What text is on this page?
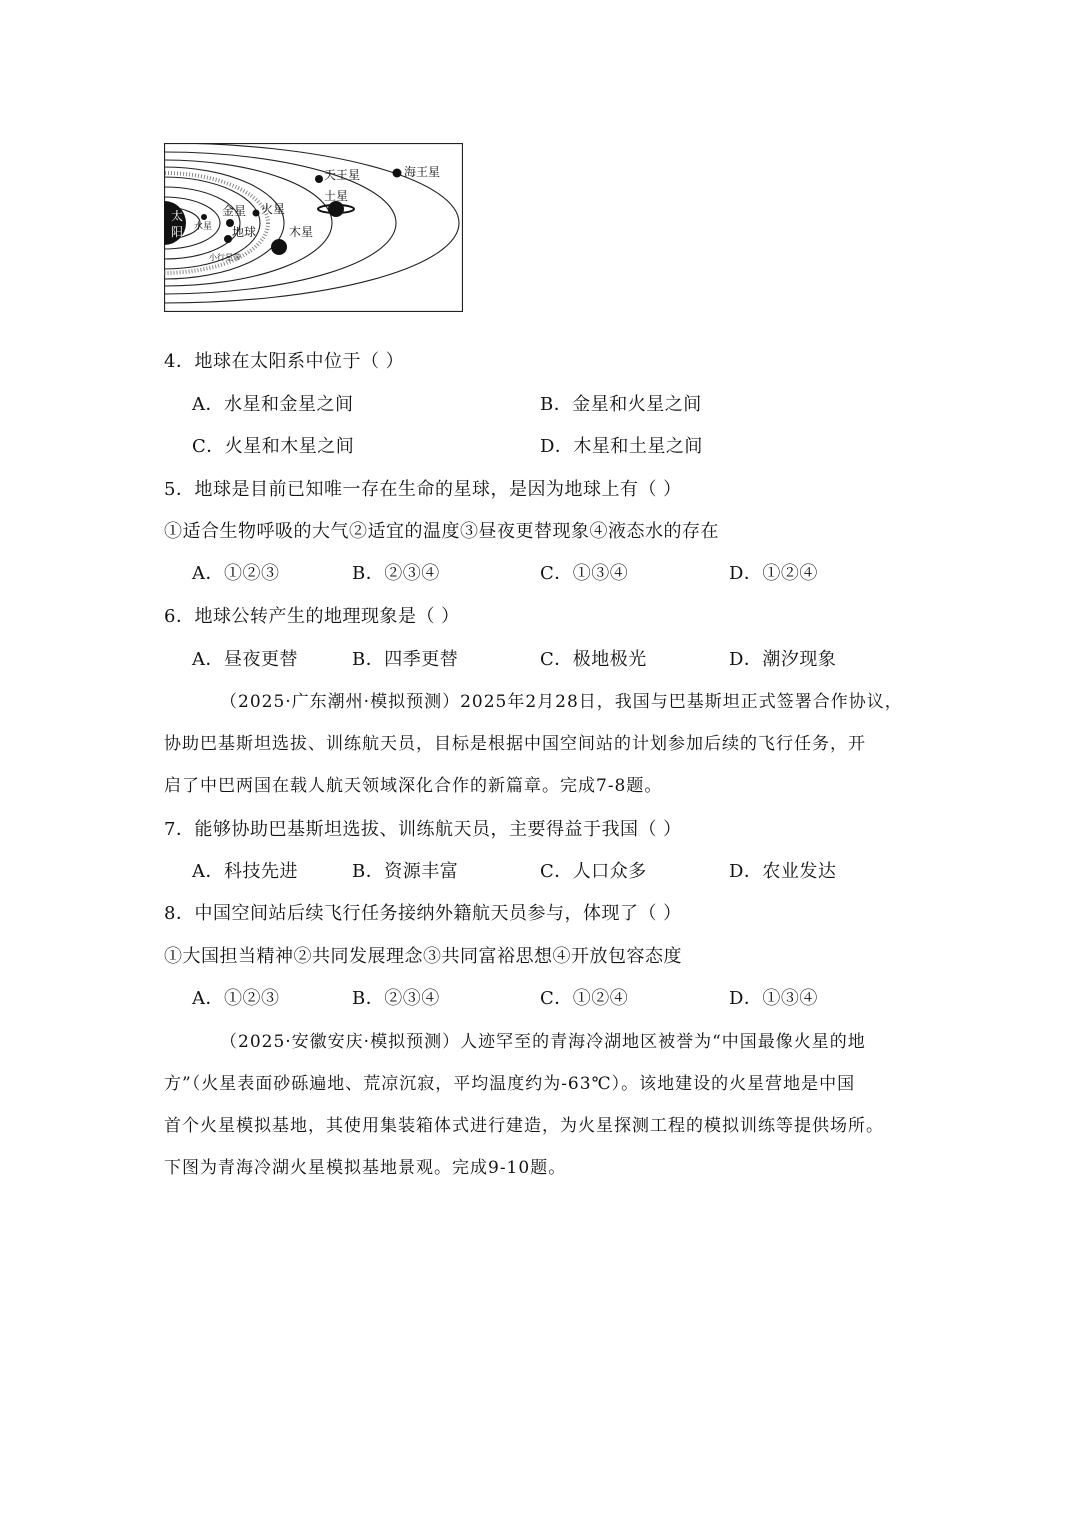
太
阳 水星
金星
地球
火星
木星
土星
天王星	海王星
小行星带
4．地球在太阳系中位于（ ）
A．水星和金星之间	B．金星和火星之间
C．火星和木星之间	D．木星和土星之间
5．地球是目前已知唯一存在生命的星球，是因为地球上有（ ）
①适合生物呼吸的大气②适宜的温度③昼夜更替现象④液态水的存在
A．①②③	B．②③④	C．①③④	D．①②④
6．地球公转产生的地理现象是（ ）
A．昼夜更替	B．四季更替	C．极地极光	D．潮汐现象
（2025·广东潮州·模拟预测）2025年2月28日，我国与巴基斯坦正式签署合作协议，
协助巴基斯坦选拔、训练航天员，目标是根据中国空间站的计划参加后续的飞行任务，开
启了中巴两国在载人航天领域深化合作的新篇章。完成7-8题。
7．能够协助巴基斯坦选拔、训练航天员，主要得益于我国（ ）
A．科技先进	B．资源丰富	C．人口众多	D．农业发达
8．中国空间站后续飞行任务接纳外籍航天员参与，体现了（ ）
①大国担当精神②共同发展理念③共同富裕思想④开放包容态度
A．①②③	B．②③④	C．①②④	D．①③④
（2025·安徽安庆·模拟预测）人迹罕至的青海冷湖地区被誉为“中国最像火星的地
方”（火星表面砂砾遍地、荒凉沉寂，平均温度约为-63℃）。该地建设的火星营地是中国
首个火星模拟基地，其使用集装箱体式进行建造，为火星探测工程的模拟训练等提供场所。
下图为青海冷湖火星模拟基地景观。完成9-10题。
